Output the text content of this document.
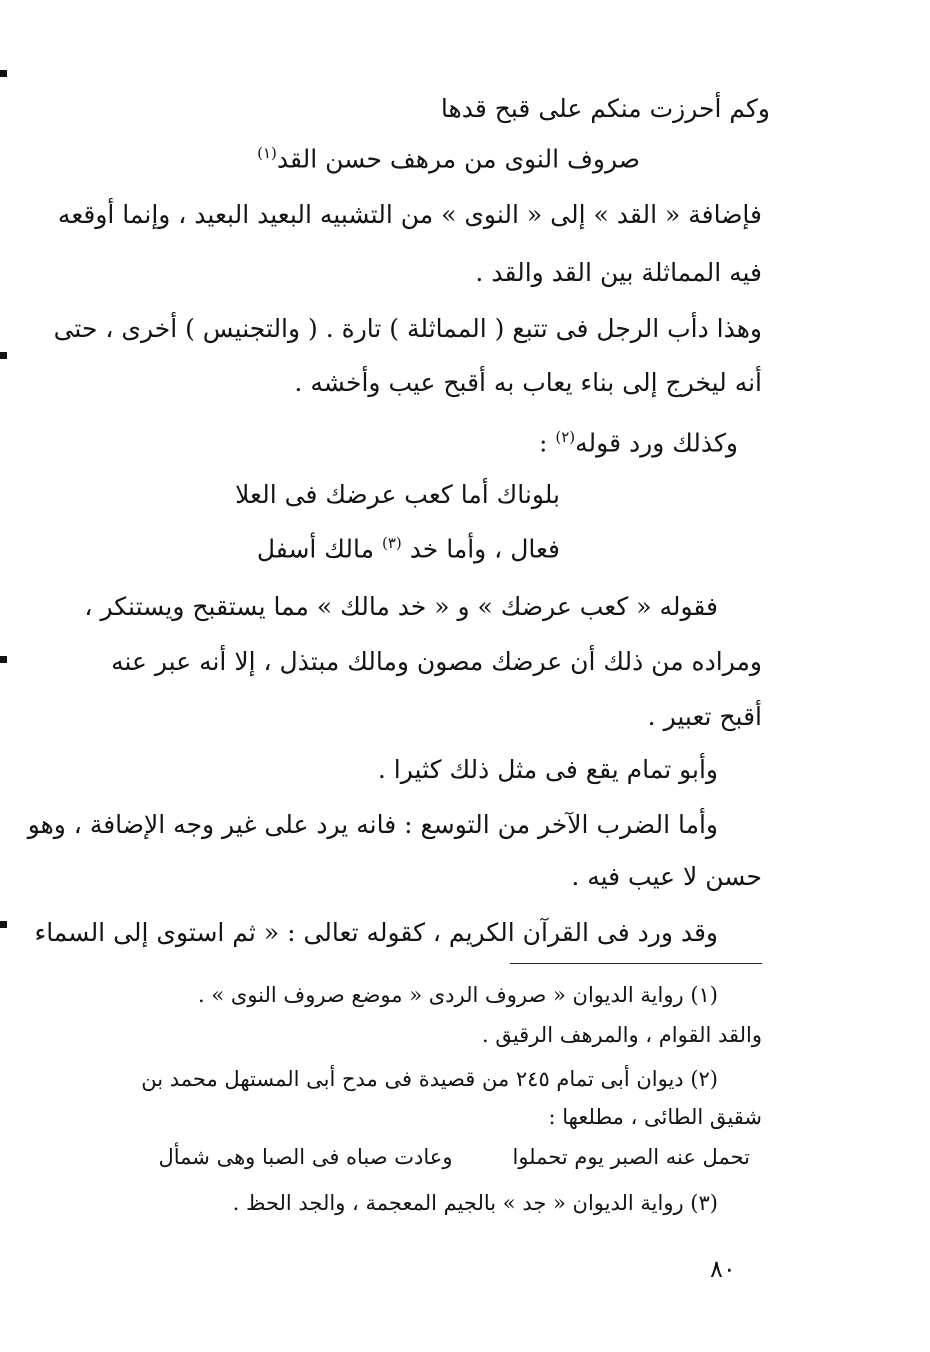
وكم أحرزت منكم على قبح قدها
صروف النوى من مرهف حسن القد$^{(١)}$
فإضافة « القد » إلى « النوى » من التشبيه البعيد البعيد ، وإنما أوقعه
فيه المماثلة بين القد والقد .
وهذا دأب الرجل فى تتبع ( المماثلة ) تارة . ( والتجنيس ) أخرى ، حتى
أنه ليخرج إلى بناء يعاب به أقبح عيب وأخشه .
وكذلك ورد قوله$^{(٢)}$ :
بلوناك أما كعب عرضك فى العلا
فعال ، وأما خد $^{(٣)}$ مالك أسفل
فقوله « كعب عرضك » و « خد مالك » مما يستقبح ويستنكر ،
ومراده من ذلك أن عرضك مصون ومالك مبتذل ، إلا أنه عبر عنه
أقبح تعبير .
وأبو تمام يقع فى مثل ذلك كثيرا .
وأما الضرب الآخر من التوسع : فانه يرد على غير وجه الإضافة ، وهو
حسن لا عيب فيه .
وقد ورد فى القرآن الكريم ، كقوله تعالى : « ثم استوى إلى السماء
(١) رواية الديوان « صروف الردى « موضع صروف النوى » .
والقد القوام ، والمرهف الرقيق .
(٢) ديوان أبى تمام ٢٤٥ من قصيدة فى مدح أبى المستهل محمد بن
شقيق الطائى ، مطلعها :
تحمل عنه الصبر يوم تحملواوعادت صباه فى الصبا وهى شمأل
(٣) رواية الديوان « جد » بالجيم المعجمة ، والجد الحظ .
٨٠
